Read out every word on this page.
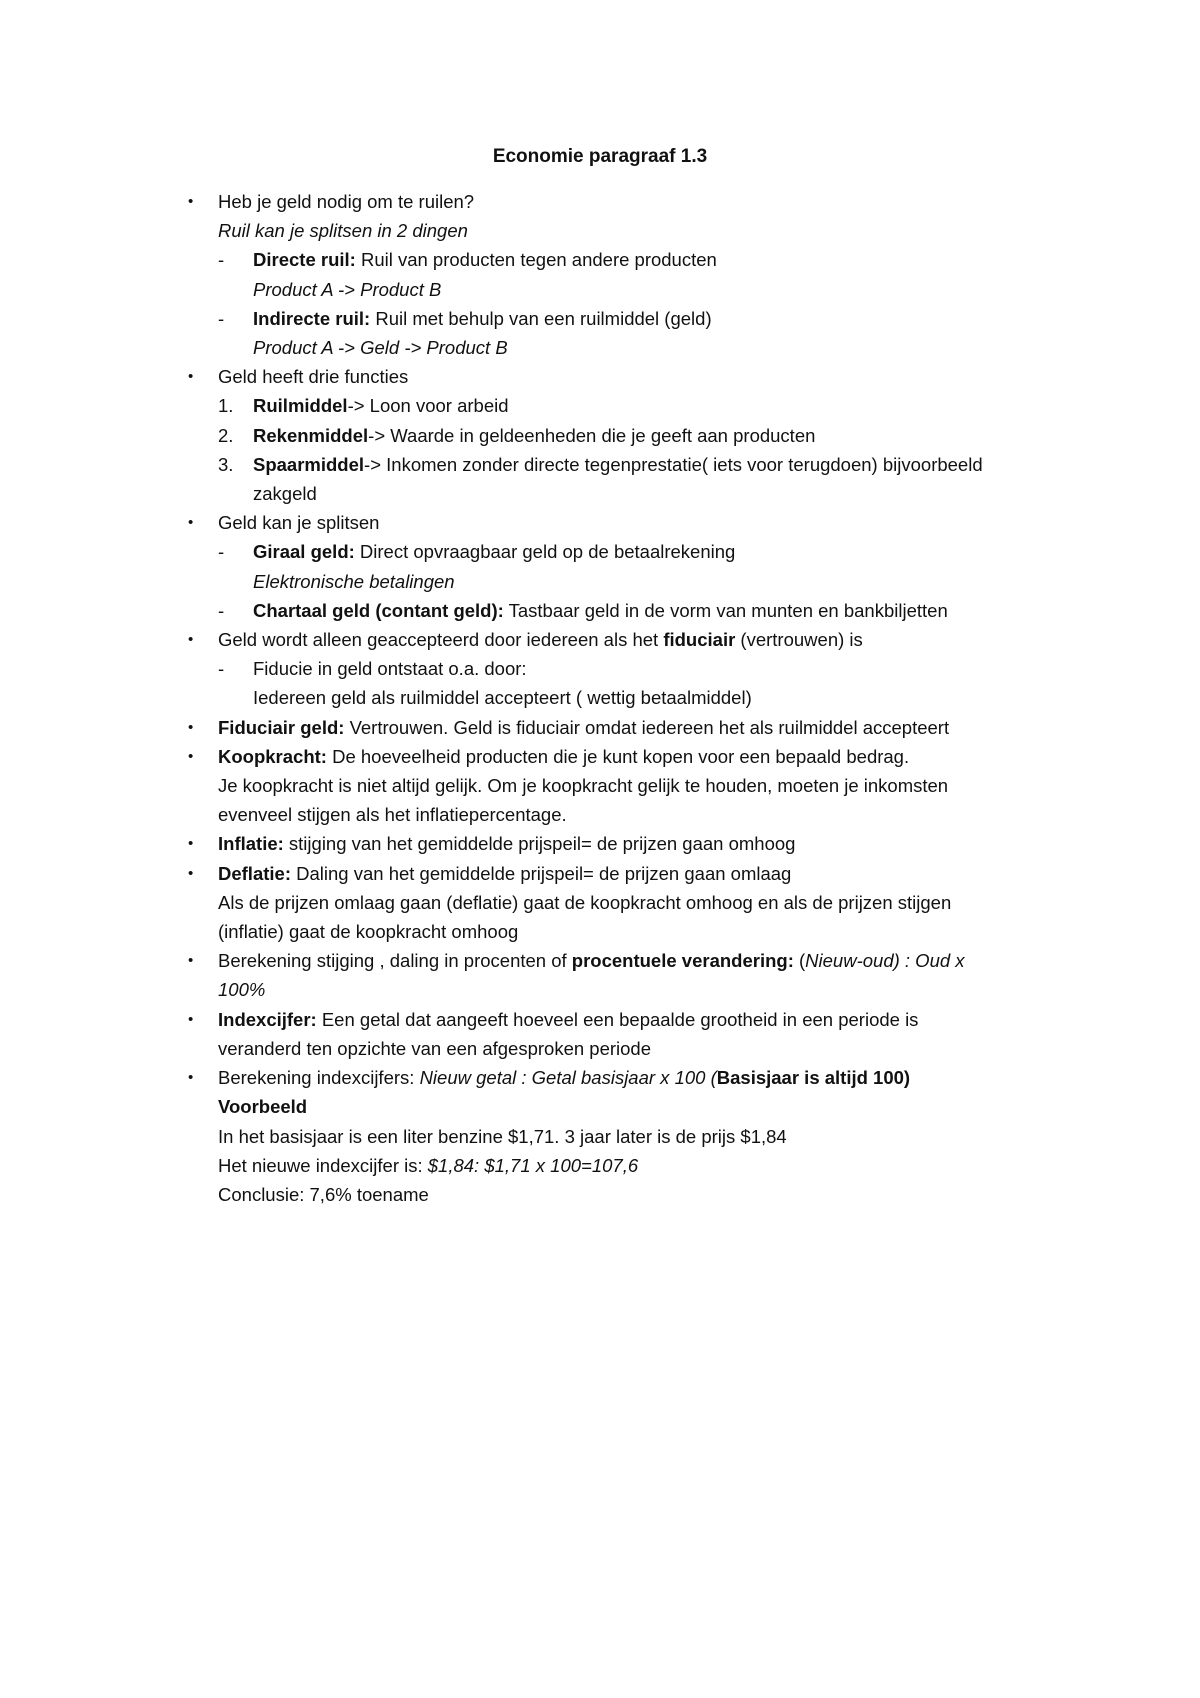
Economie paragraaf 1.3
• Heb je geld nodig om te ruilen?
Ruil kan je splitsen in 2 dingen
- Directe ruil: Ruil van producten tegen andere producten
Product A -> Product B
- Indirecte ruil: Ruil met behulp van een ruilmiddel (geld)
Product A -> Geld -> Product B
• Geld heeft drie functies
1. Ruilmiddel-> Loon voor arbeid
2. Rekenmiddel-> Waarde in geldeenheden die je geeft aan producten
3. Spaarmiddel-> Inkomen zonder directe tegenprestatie( iets voor terugdoen) bijvoorbeeld
zakgeld
• Geld kan je splitsen
- Giraal geld: Direct opvraagbaar geld op de betaalrekening
Elektronische betalingen
- Chartaal geld (contant geld): Tastbaar geld in de vorm van munten en bankbiljetten
• Geld wordt alleen geaccepteerd door iedereen als het fiduciair (vertrouwen) is
- Fiducie in geld ontstaat o.a. door:
Iedereen geld als ruilmiddel accepteert ( wettig betaalmiddel)
• Fiduciair geld: Vertrouwen. Geld is fiduciair omdat iedereen het als ruilmiddel accepteert
• Koopkracht: De hoeveelheid producten die je kunt kopen voor een bepaald bedrag.
Je koopkracht is niet altijd gelijk. Om je koopkracht gelijk te houden, moeten je inkomsten
evenveel stijgen als het inflatiepercentage.
• Inflatie: stijging van het gemiddelde prijspeil= de prijzen gaan omhoog
• Deflatie: Daling van het gemiddelde prijspeil= de prijzen gaan omlaag
Als de prijzen omlaag gaan (deflatie) gaat de koopkracht omhoog en als de prijzen stijgen
(inflatie) gaat de koopkracht omhoog
• Berekening stijging , daling in procenten of procentuele verandering: (Nieuw-oud) : Oud x
100%
• Indexcijfer: Een getal dat aangeeft hoeveel een bepaalde grootheid in een periode is
veranderd ten opzichte van een afgesproken periode
• Berekening indexcijfers: Nieuw getal : Getal basisjaar x 100 (Basisjaar is altijd 100)
Voorbeeld
In het basisjaar is een liter benzine $1,71. 3 jaar later is de prijs $1,84
Het nieuwe indexcijfer is: $1,84: $1,71 x 100=107,6
Conclusie: 7,6% toename
